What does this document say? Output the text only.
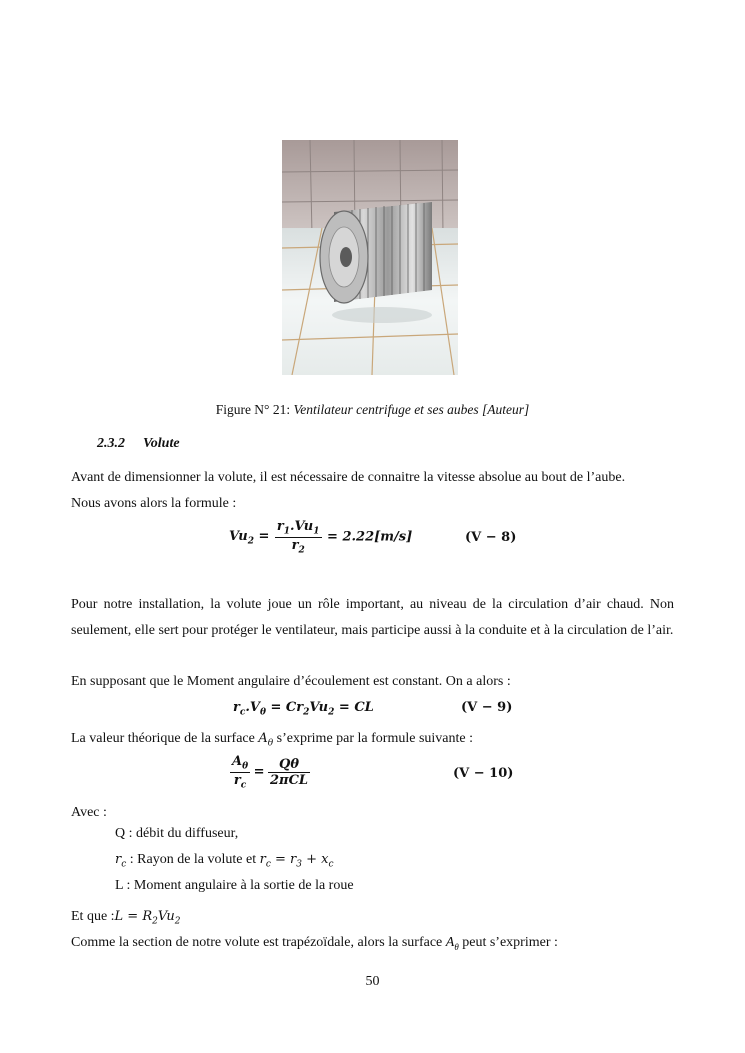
Figure N° 21: Ventilateur centrifuge et ses aubes [Auteur]
2.3.2 Volute
Avant de dimensionner la volute, il est nécessaire de connaitre la vitesse absolue au bout de l’aube.
Nous avons alors la formule :
$Vu_2 = \frac{r_1.Vu_1}{r_2} = 2.22[m/s]$	(V − 8)
Pour notre installation, la volute joue un rôle important, au niveau de la circulation d’air chaud. Non seulement, elle sert pour protéger le ventilateur, mais participe aussi à la conduite et à la circulation de l’air.
En supposant que le Moment angulaire d’écoulement est constant. On a alors :
$r_c.V_\theta = Cr_2Vu_2$ = CL	(V − 9)
La valeur théorique de la surface $A_\theta$ s’exprime par la formule suivante :
$\frac{A_\theta}{r_c} = \frac{Q\theta}{\text{2πCL}}$	(V − 10)
Avec :
Q : débit du diffuseur,
$r_c$ : Rayon de la volute et $r_c = r_3 + x_c$
L : Moment angulaire à la sortie de la roue
Et que :L = $R_2Vu_2$
Comme la section de notre volute est trapézoïdale, alors la surface $A_\theta$ peut s’exprimer :
50
